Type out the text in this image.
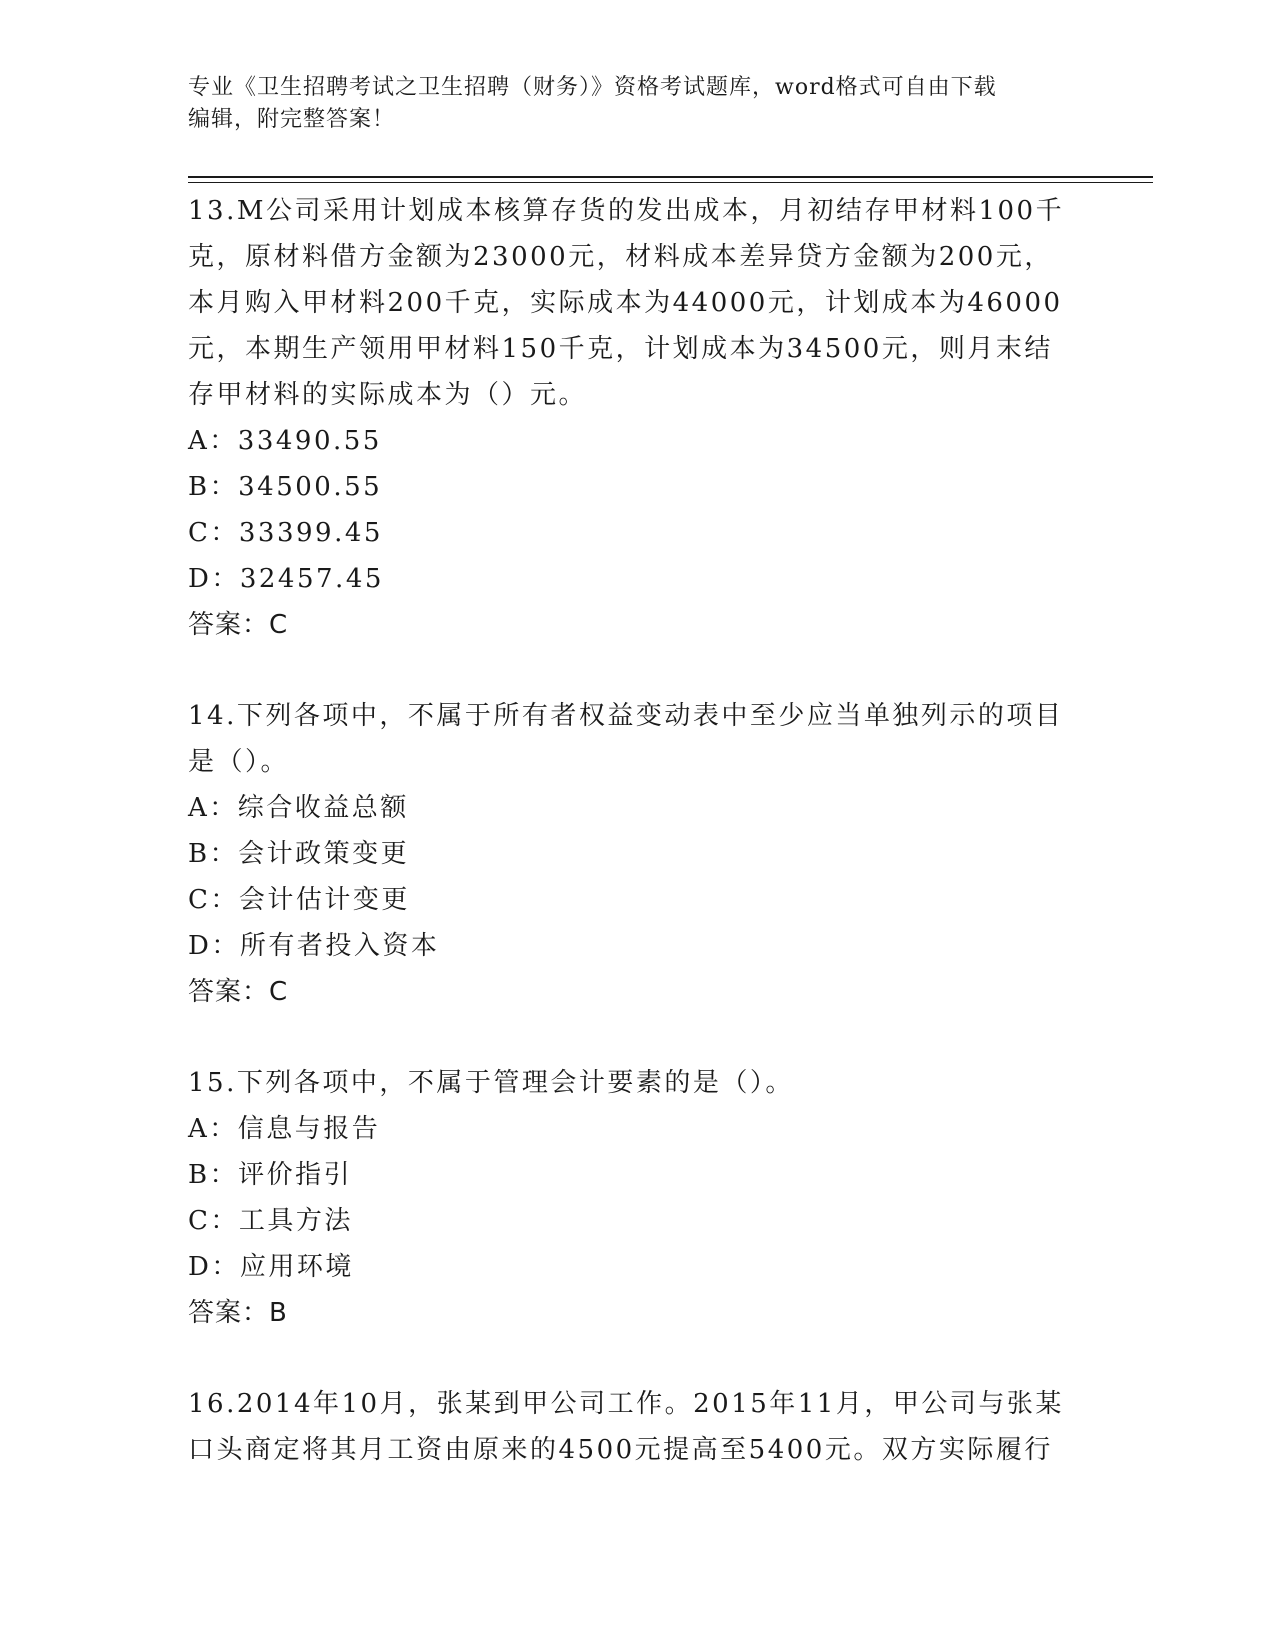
专业《卫生招聘考试之卫生招聘（财务）》资格考试题库，word格式可自由下载
编辑，附完整答案！

13.M公司采用计划成本核算存货的发出成本，月初结存甲材料100千

克，原材料借方金额为23000元，材料成本差异贷方金额为200元，

本月购入甲材料200千克，实际成本为44000元，计划成本为46000

元，本期生产领用甲材料150千克，计划成本为34500元，则月末结

存甲材料的实际成本为（）元。

A：33490.55

B：34500.55

C：33399.45

D：32457.45

答案：C

14.下列各项中，不属于所有者权益变动表中至少应当单独列示的项目

是（）。

A：综合收益总额

B：会计政策变更

C：会计估计变更

D：所有者投入资本

答案：C

15.下列各项中，不属于管理会计要素的是（）。

A：信息与报告

B：评价指引

C：工具方法

D：应用环境

答案：B

16.2014年10月，张某到甲公司工作。2015年11月，甲公司与张某

口头商定将其月工资由原来的4500元提高至5400元。双方实际履行
